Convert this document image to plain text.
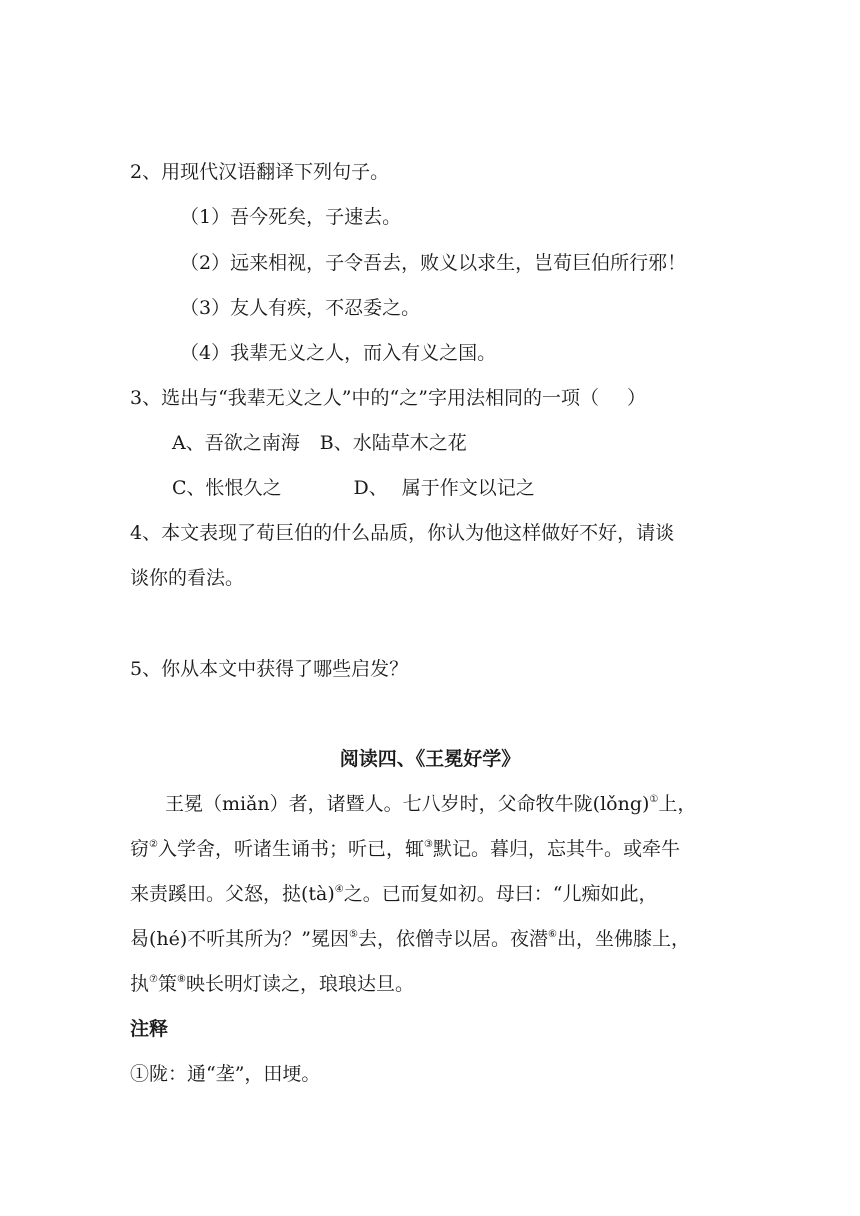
2、用现代汉语翻译下列句子。
（1）吾今死矣，子速去。
（2）远来相视，子令吾去，败义以求生，岂荀巨伯所行邪！
（3）友人有疾，不忍委之。
（4）我辈无义之人，而入有义之国。
3、选出与“我辈无义之人”中的“之”字用法相同的一项（ ）
A、吾欲之南海 B、水陆草木之花
C、怅恨久之	D、 属于作文以记之
4、本文表现了荀巨伯的什么品质，你认为他这样做好不好，请谈
谈你的看法。
5、你从本文中获得了哪些启发？
阅读四、《王冕好学》
王冕（miǎn）者，诸暨人。七八岁时，父命牧牛陇(lǒng)①上，
窃②入学舍，听诸生诵书；听已，辄③默记。暮归，忘其牛。或牵牛
来责蹊田。父怒，挞(tà)④之。已而复如初。母曰：“儿痴如此，
曷(hé)不听其所为？”冕因⑤去，依僧寺以居。夜潜⑥出，坐佛膝上，
执⑦策⑧映长明灯读之，琅琅达旦。
注释
①陇：通“垄”，田埂。
